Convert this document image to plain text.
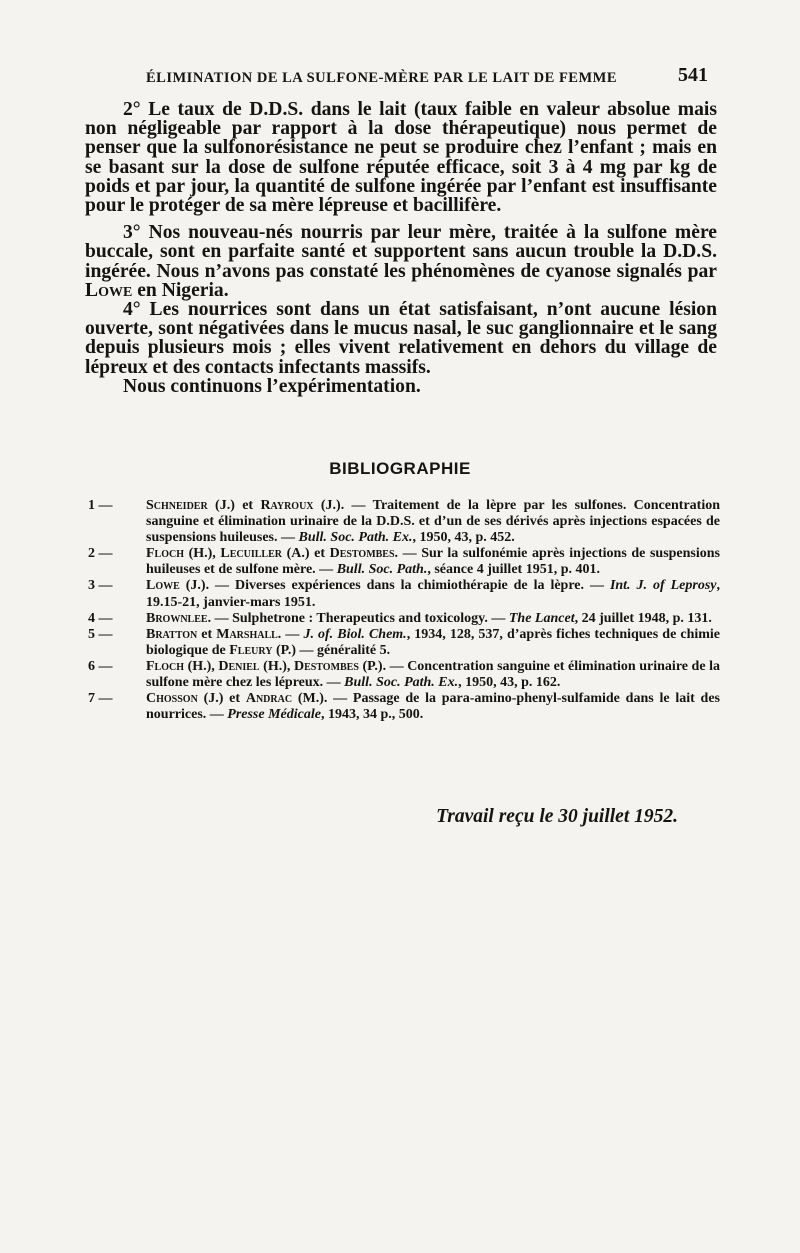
ÉLIMINATION DE LA SULFONE-MÈRE PAR LE LAIT DE FEMME	541

2° Le taux de D.D.S. dans le lait (taux faible en valeur absolue mais non négligeable par rapport à la dose thérapeutique) nous permet de penser que la sulfonorésistance ne peut se produire chez l’enfant ; mais en se basant sur la dose de sulfone réputée efficace, soit 3 à 4 mg par kg de poids et par jour, la quantité de sulfone ingérée par l’enfant est insuffisante pour le protéger de sa mère lépreuse et bacillifère.

3° Nos nouveau-nés nourris par leur mère, traitée à la sulfone mère buccale, sont en parfaite santé et supportent sans aucun trouble la D.D.S. ingérée. Nous n’avons pas constaté les phénomènes de cyanose signalés par Lowe en Nigeria.

4° Les nourrices sont dans un état satisfaisant, n’ont aucune lésion ouverte, sont négativées dans le mucus nasal, le suc ganglionnaire et le sang depuis plusieurs mois ; elles vivent relativement en dehors du village de lépreux et des contacts infectants massifs.

Nous continuons l’expérimentation.

BIBLIOGRAPHIE
1 — Schneider (J.) et Rayroux (J.). — Traitement de la lèpre par les sulfones. Concentration sanguine et élimination urinaire de la D.D.S. et d’un de ses dérivés après injections espacées de suspensions huileuses. — Bull. Soc. Path. Ex., 1950, 43, p. 452.
2 — Floch (H.), Lecuiller (A.) et Destombes. — Sur la sulfonémie après injections de suspensions huileuses et de sulfone mère. — Bull. Soc. Path., séance 4 juillet 1951, p. 401.
3 — Lowe (J.). — Diverses expériences dans la chimiothérapie de la lèpre. — Int. J. of Leprosy, 19.15-21, janvier-mars 1951.
4 — Brownlee. — Sulphetrone : Therapeutics and toxicology. — The Lancet, 24 juillet 1948, p. 131.
5 — Bratton et Marshall. — J. of. Biol. Chem., 1934, 128, 537, d’après fiches techniques de chimie biologique de Fleury (P.) — généralité 5.
6 — Floch (H.), Deniel (H.), Destombes (P.). — Concentration sanguine et élimination urinaire de la sulfone mère chez les lépreux. — Bull. Soc. Path. Ex., 1950, 43, p. 162.
7 — Chosson (J.) et Andrac (M.). — Passage de la para-amino-phenyl-sulfamide dans le lait des nourrices. — Presse Médicale, 1943, 34 p., 500.
Travail reçu le 30 juillet 1952.
